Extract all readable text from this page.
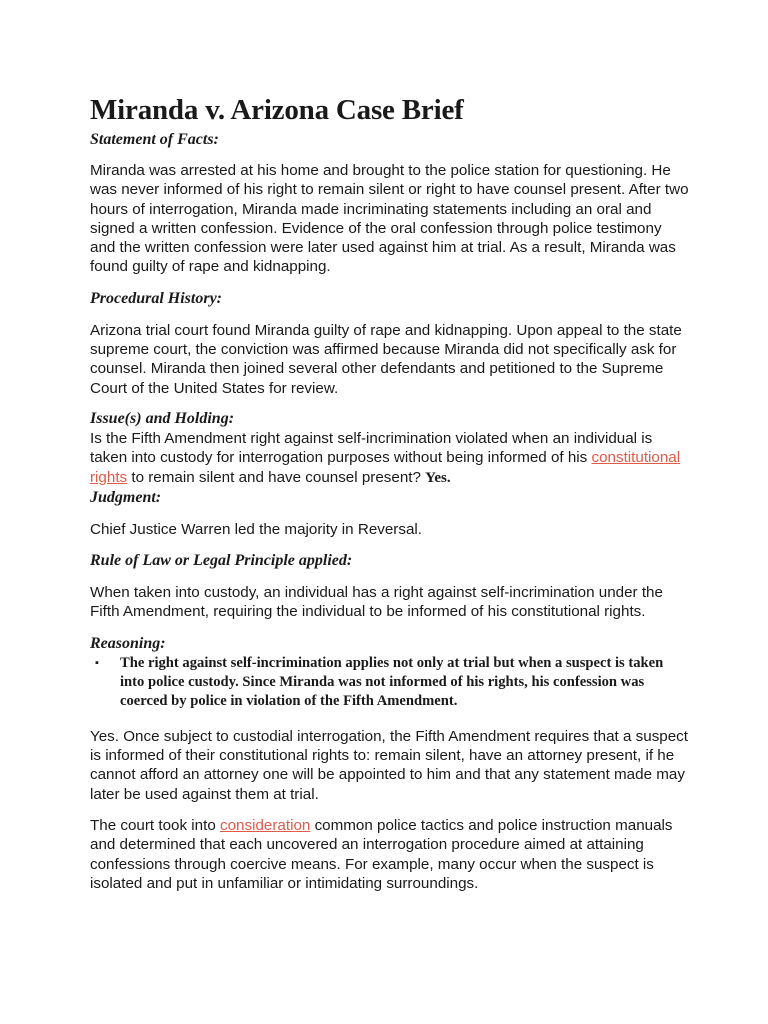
Miranda v. Arizona Case Brief

Statement of Facts:

Miranda was arrested at his home and brought to the police station for questioning. He was never informed of his right to remain silent or right to have counsel present. After two hours of interrogation, Miranda made incriminating statements including an oral and signed a written confession. Evidence of the oral confession through police testimony and the written confession were later used against him at trial. As a result, Miranda was found guilty of rape and kidnapping.

Procedural History:

Arizona trial court found Miranda guilty of rape and kidnapping. Upon appeal to the state supreme court, the conviction was affirmed because Miranda did not specifically ask for counsel. Miranda then joined several other defendants and petitioned to the Supreme Court of the United States for review.

Issue(s) and Holding:

Is the Fifth Amendment right against self-incrimination violated when an individual is taken into custody for interrogation purposes without being informed of his constitutional rights to remain silent and have counsel present? Yes.

Judgment:

Chief Justice Warren led the majority in Reversal.

Rule of Law or Legal Principle applied:

When taken into custody, an individual has a right against self-incrimination under the Fifth Amendment, requiring the individual to be informed of his constitutional rights.

Reasoning:

▪ The right against self-incrimination applies not only at trial but when a suspect is taken into police custody. Since Miranda was not informed of his rights, his confession was coerced by police in violation of the Fifth Amendment.

Yes. Once subject to custodial interrogation, the Fifth Amendment requires that a suspect is informed of their constitutional rights to: remain silent, have an attorney present, if he cannot afford an attorney one will be appointed to him and that any statement made may later be used against them at trial.

The court took into consideration common police tactics and police instruction manuals and determined that each uncovered an interrogation procedure aimed at attaining confessions through coercive means. For example, many occur when the suspect is isolated and put in unfamiliar or intimidating surroundings.
